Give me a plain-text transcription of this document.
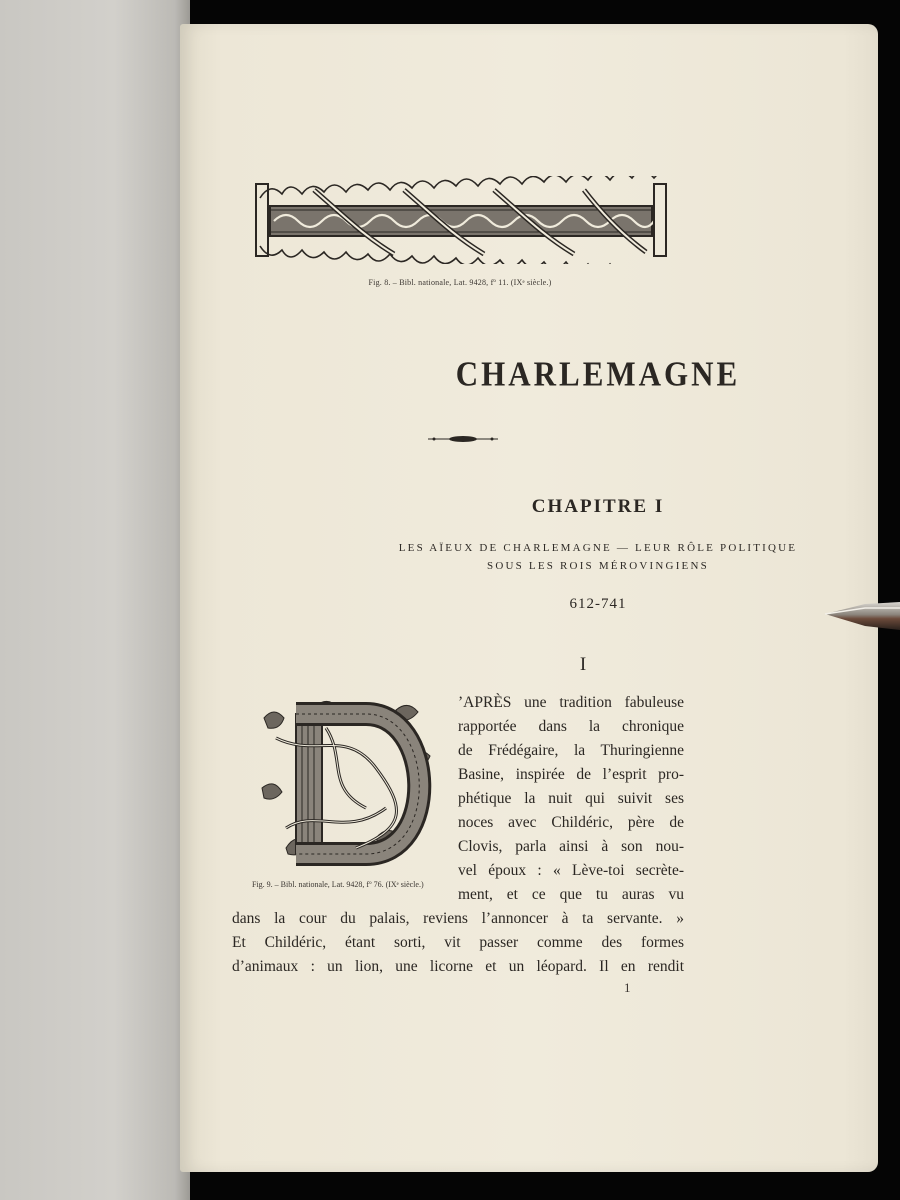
Fig. 8. – Bibl. nationale, Lat. 9428, fº 11. (IXᵉ siècle.)
CHARLEMAGNE
CHAPITRE I
LES AÏEUX DE CHARLEMAGNE — LEUR RÔLE POLITIQUE
SOUS LES ROIS MÉROVINGIENS
612-741
I
D
Fig. 9. – Bibl. nationale, Lat. 9428, fº 76. (IXᵉ siècle.)
’APRÈS une tradition fabuleuse
rapportée dans la chronique
de Frédégaire, la Thuringienne
Basine, inspirée de l’esprit pro-
phétique la nuit qui suivit ses
noces avec Childéric, père de
Clovis, parla ainsi à son nou-
vel époux : « Lève-toi secrète-
ment, et ce que tu auras vu
dans la cour du palais, reviens l’annoncer à ta servante. »
Et Childéric, étant sorti, vit passer comme des formes
d’animaux : un lion, une licorne et un léopard. Il en rendit
1
